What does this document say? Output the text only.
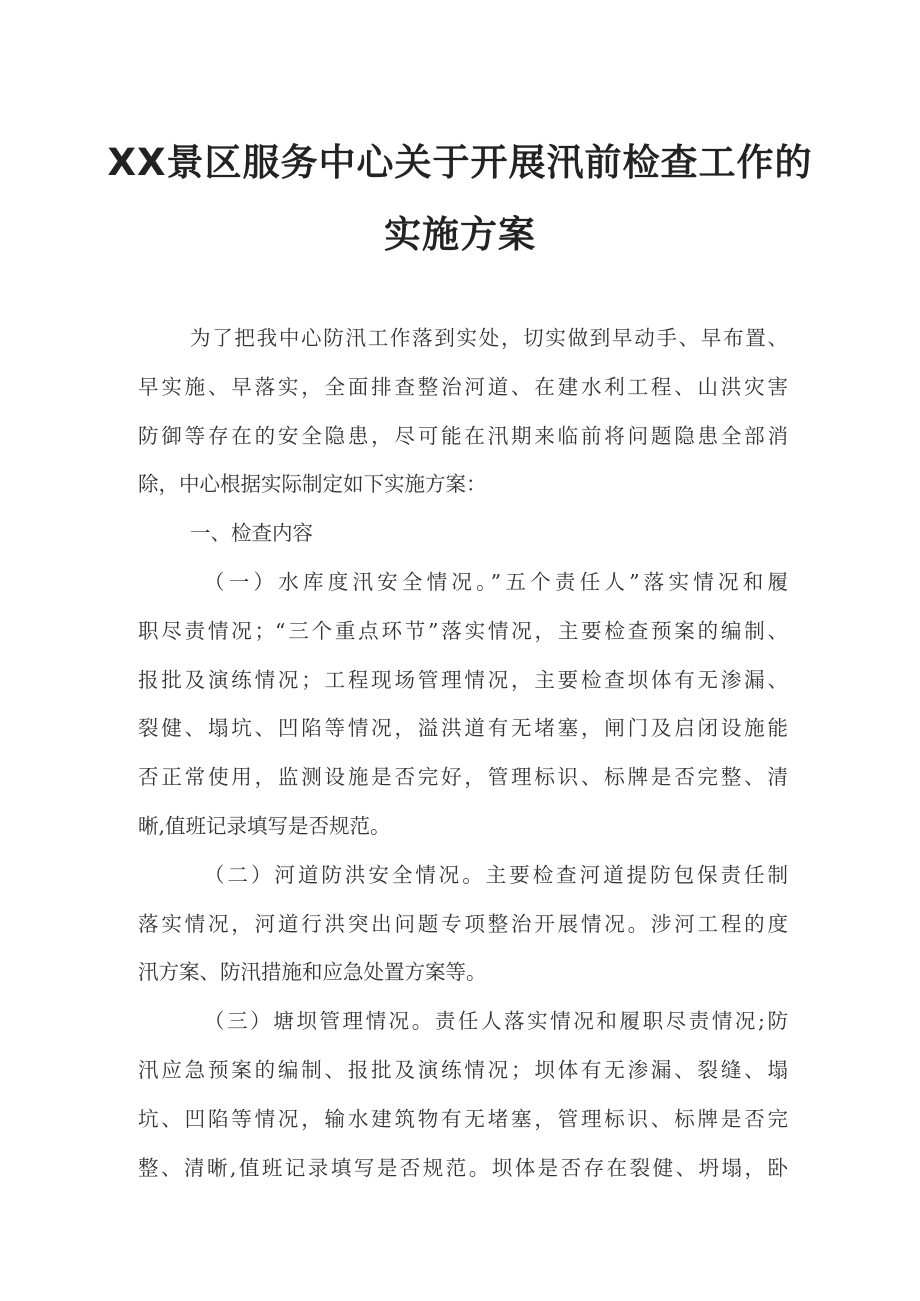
XX景区服务中心关于开展汛前检查工作的
实施方案
为了把我中心防汛工作落到实处，切实做到早动手、早布置、
早实施、早落实，全面排查整治河道、在建水利工程、山洪灾害
防御等存在的安全隐患，尽可能在汛期来临前将问题隐患全部消
除，中心根据实际制定如下实施方案：
一、检查内容
（一）水库度汛安全情况。”五个责任人”落实情况和履
职尽责情况；“三个重点环节”落实情况，主要检查预案的编制、
报批及演练情况；工程现场管理情况，主要检查坝体有无渗漏、
裂健、塌坑、凹陷等情况，溢洪道有无堵塞，闸门及启闭设施能
否正常使用，监测设施是否完好，管理标识、标牌是否完整、清
晰,值班记录填写是否规范。
（二）河道防洪安全情况。主要检查河道提防包保责任制
落实情况，河道行洪突出问题专项整治开展情况。涉河工程的度
汛方案、防汛措施和应急处置方案等。
（三）塘坝管理情况。责任人落实情况和履职尽责情况;防
汛应急预案的编制、报批及演练情况；坝体有无渗漏、裂缝、塌
坑、凹陷等情况，输水建筑物有无堵塞，管理标识、标牌是否完
整、清晰,值班记录填写是否规范。坝体是否存在裂健、坍塌，卧
